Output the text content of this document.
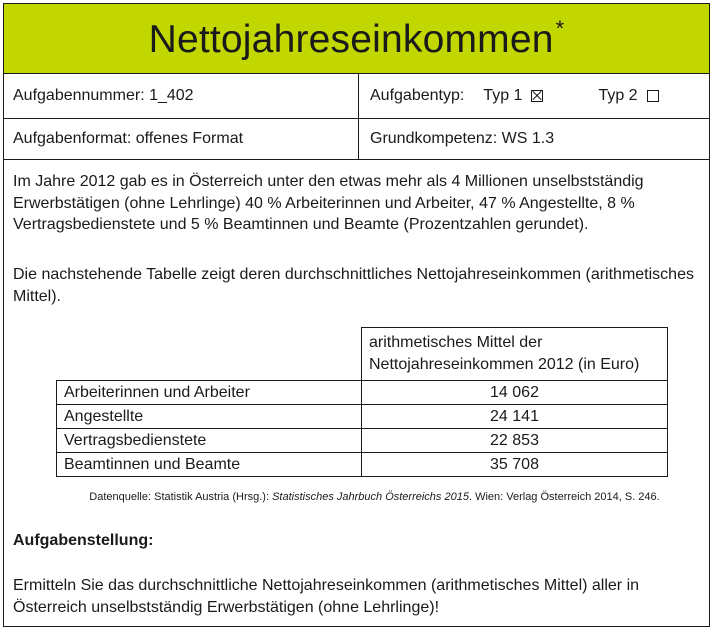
Nettojahreseinkommen*
Aufgabennummer: 1_402	Aufgabentyp: Typ 1	Typ 2
Aufgabenformat: offenes Format	Grundkompetenz: WS 1.3
Im Jahre 2012 gab es in Österreich unter den etwas mehr als 4 Millionen unselbstständig Erwerbstätigen (ohne Lehrlinge) 40 % Arbeiterinnen und Arbeiter, 47 % Angestellte, 8 % Vertragsbedienstete und 5 % Beamtinnen und Beamte (Prozentzahlen gerundet).
Die nachstehende Tabelle zeigt deren durchschnittliches Nettojahreseinkommen (arithmetisches Mittel).
	arithmetisches Mittel der Nettojahreseinkommen 2012 (in Euro)
Arbeiterinnen und Arbeiter	14 062
Angestellte	24 141
Vertragsbedienstete	22 853
Beamtinnen und Beamte	35 708
Datenquelle: Statistik Austria (Hrsg.): Statistisches Jahrbuch Österreichs 2015. Wien: Verlag Österreich 2014, S. 246.
Aufgabenstellung:
Ermitteln Sie das durchschnittliche Nettojahreseinkommen (arithmetisches Mittel) aller in Österreich unselbstständig Erwerbstätigen (ohne Lehrlinge)!
